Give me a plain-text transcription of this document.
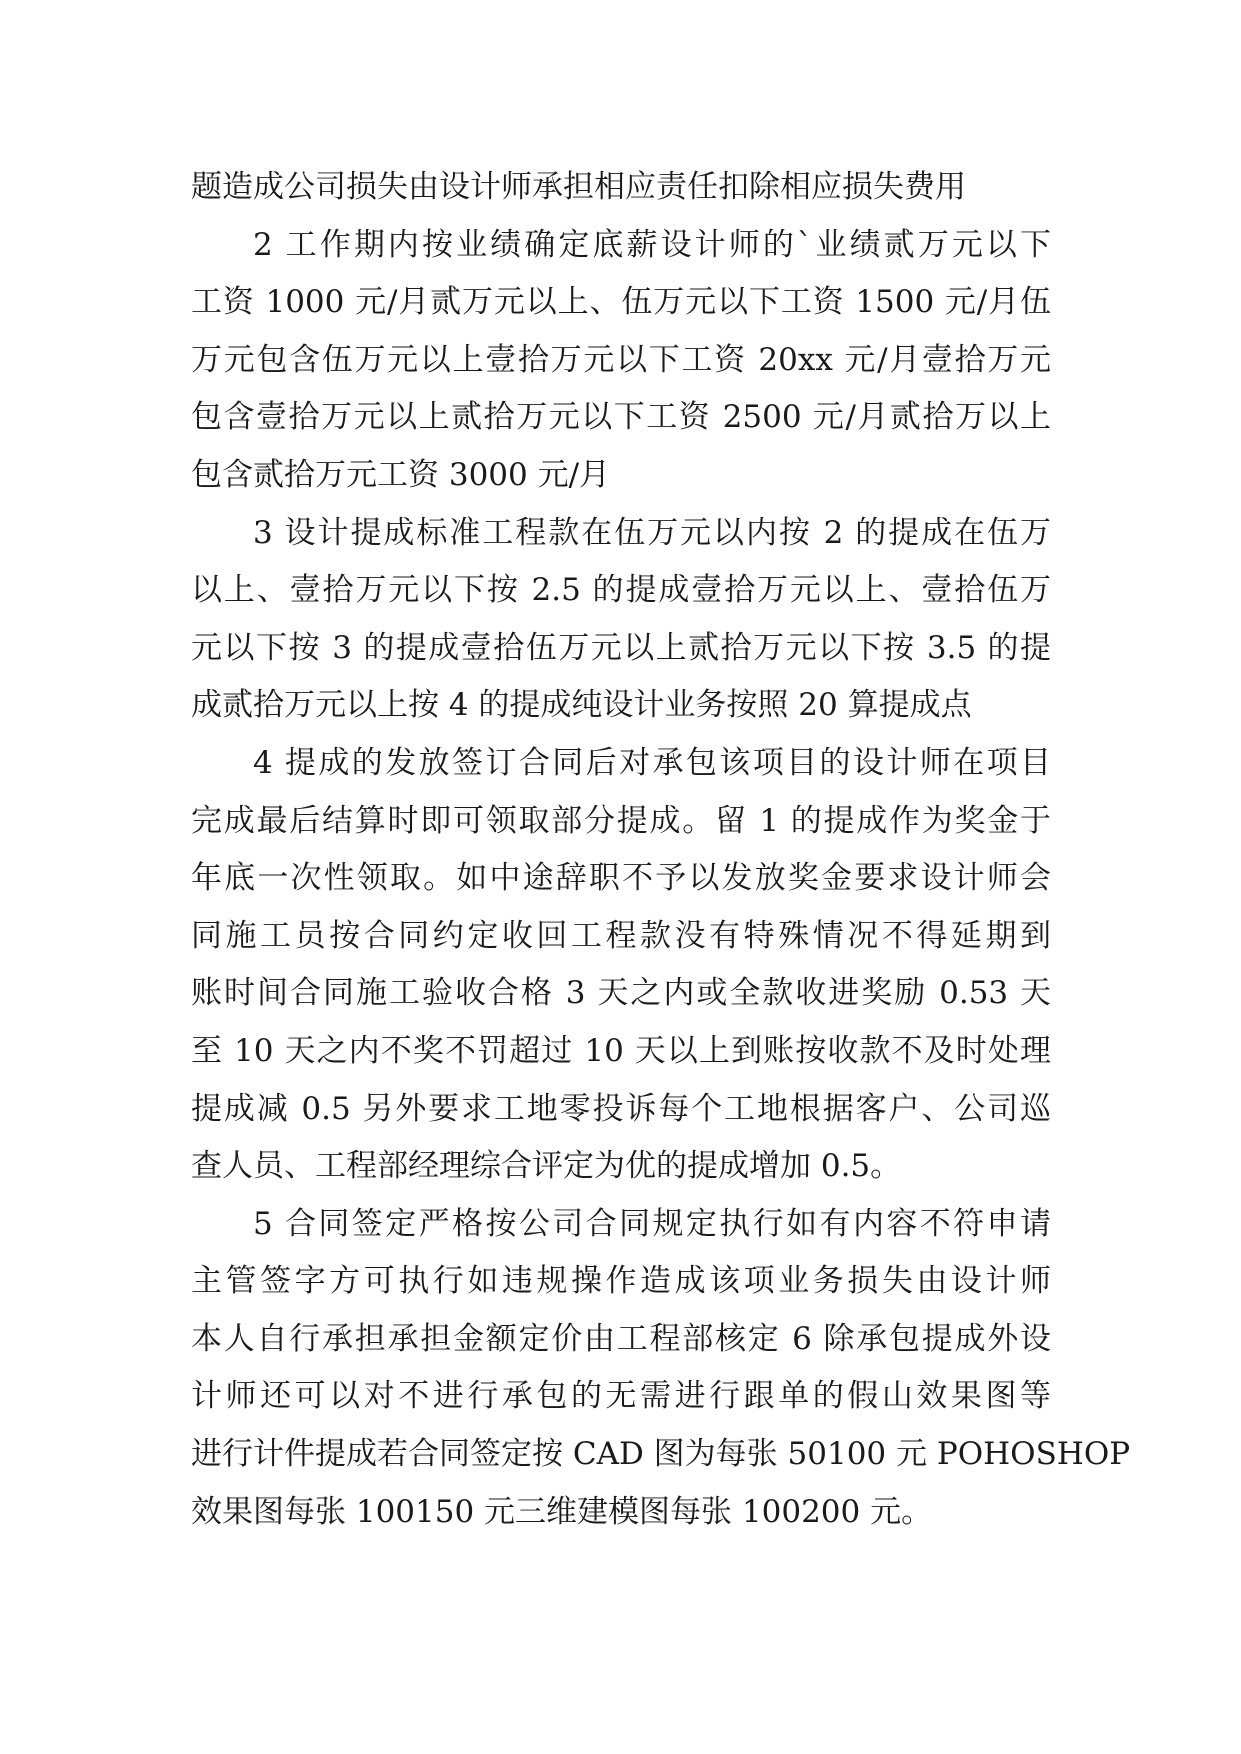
题造成公司损失由设计师承担相应责任扣除相应损失费用
2 工作期内按业绩确定底薪设计师的`业绩贰万元以下
工资 1000 元/月贰万元以上、伍万元以下工资 1500 元/月伍
万元包含伍万元以上壹拾万元以下工资 20xx 元/月壹拾万元
包含壹拾万元以上贰拾万元以下工资 2500 元/月贰拾万以上
包含贰拾万元工资 3000 元/月
3 设计提成标准工程款在伍万元以内按 2 的提成在伍万
以上、壹拾万元以下按 2.5 的提成壹拾万元以上、壹拾伍万
元以下按 3 的提成壹拾伍万元以上贰拾万元以下按 3.5 的提
成贰拾万元以上按 4 的提成纯设计业务按照 20 算提成点
4 提成的发放签订合同后对承包该项目的设计师在项目
完成最后结算时即可领取部分提成。留 1 的提成作为奖金于
年底一次性领取。如中途辞职不予以发放奖金要求设计师会
同施工员按合同约定收回工程款没有特殊情况不得延期到
账时间合同施工验收合格 3 天之内或全款收进奖励 0.53 天
至 10 天之内不奖不罚超过 10 天以上到账按收款不及时处理
提成减 0.5 另外要求工地零投诉每个工地根据客户、公司巡
查人员、工程部经理综合评定为优的提成增加 0.5。
5 合同签定严格按公司合同规定执行如有内容不符申请
主管签字方可执行如违规操作造成该项业务损失由设计师
本人自行承担承担金额定价由工程部核定 6 除承包提成外设
计师还可以对不进行承包的无需进行跟单的假山效果图等
进行计件提成若合同签定按 CAD 图为每张 50100 元 POHOSHOP
效果图每张 100150 元三维建模图每张 100200 元。
